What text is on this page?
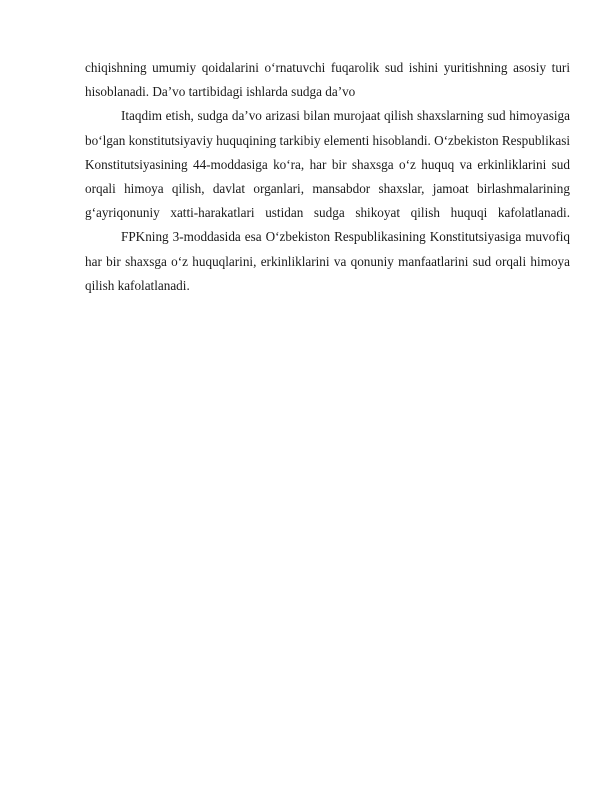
chiqishning umumiy qoidalarini o‘rnatuvchi fuqarolik sud ishini yuritishning asosiy turi hisoblanadi. Da’vo tartibidagi ishlarda sudga da’vo

Itaqdim etish, sudga da’vo arizasi bilan murojaat qilish shaxslarning sud himoyasiga bo‘lgan konstitutsiyaviy huquqining tarkibiy elementi hisoblandi. O‘zbekiston Respublikasi Konstitutsiyasining 44-moddasiga ko‘ra, har bir shaxsga o‘z huquq va erkinliklarini sud orqali himoya qilish, davlat organlari, mansabdor shaxslar, jamoat birlashmalarining g‘ayriqonuniy xatti-harakatlari ustidan sudga shikoyat qilish huquqi kafolatlanadi.

FPKning 3-moddasida esa O‘zbekiston Respublikasining Konstitutsiyasiga muvofiq har bir shaxsga o‘z huquqlarini, erkinliklarini va qonuniy manfaatlarini sud orqali himoya qilish kafolatlanadi.
